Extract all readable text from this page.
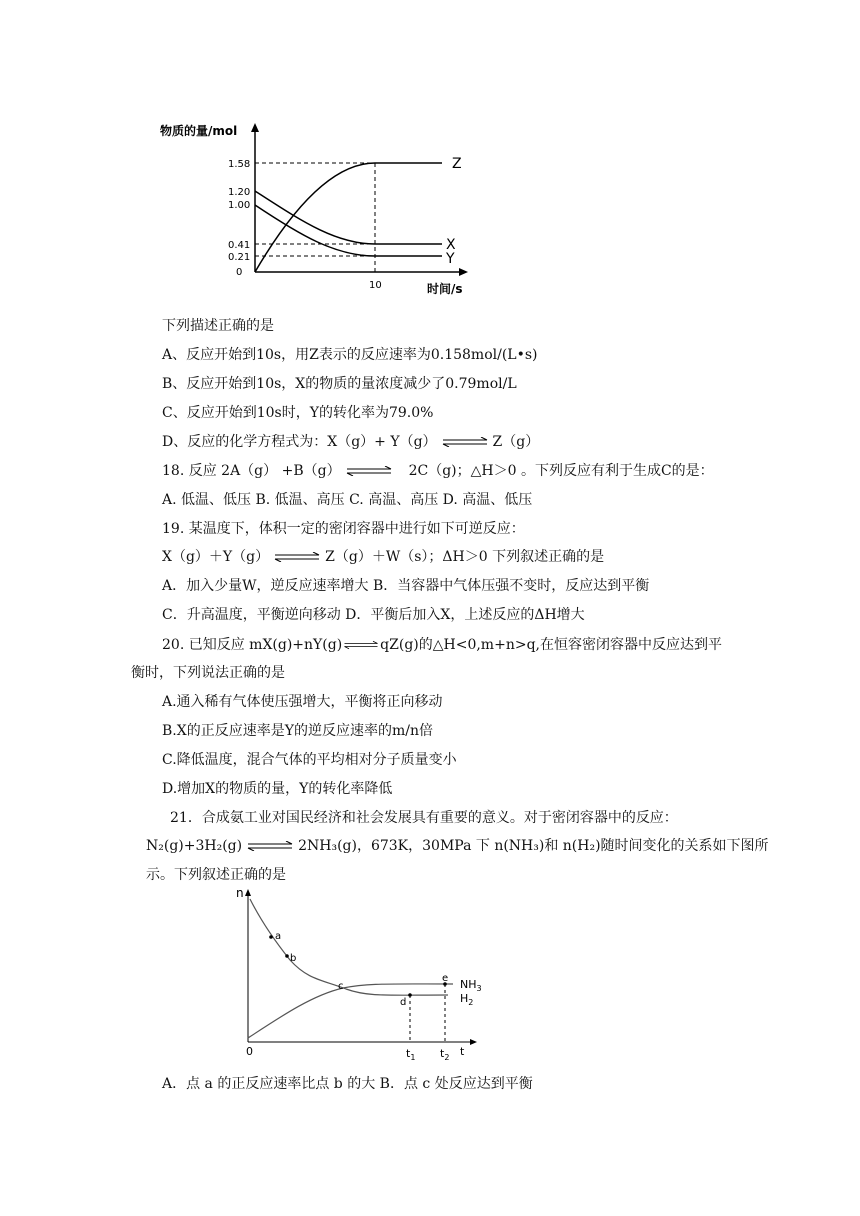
物质的量/mol
1.58
1.20
1.00
0.41
0.21
0
Z
X
Y
10	时间/s
下列描述正确的是
A、反应开始到10s，用Z表示的反应速率为0.158mol/(L•s)
B、反应开始到10s，X的物质的量浓度减少了0.79mol/L
C、反应开始到10s时，Y的转化率为79.0%
D、反应的化学方程式为：X（g）+ Y（g） ⇌ Z（g）
18. 反应 2A（g） +B（g） ⇌ 2C（g)；△H＞0 。下列反应有利于生成C的是：
A. 低温、低压 B. 低温、高压 C. 高温、高压 D. 高温、低压
19. 某温度下，体积一定的密闭容器中进行如下可逆反应：
X（g）＋Y（g） ⇌ Z（g）＋W（s）；ΔH＞0 下列叙述正确的是
A．加入少量W，逆反应速率增大 B．当容器中气体压强不变时，反应达到平衡
C．升高温度，平衡逆向移动 D．平衡后加入X，上述反应的ΔH增大
20. 已知反应 mX(g)+nY(g)⇌qZ(g)的△H<0,m+n>q,在恒容密闭容器中反应达到平
衡时，下列说法正确的是
A.通入稀有气体使压强增大，平衡将正向移动
B.X的正反应速率是Y的逆反应速率的m/n倍
C.降低温度，混合气体的平均相对分子质量变小
D.增加X的物质的量，Y的转化率降低
21．合成氨工业对国民经济和社会发展具有重要的意义。对于密闭容器中的反应：
N₂(g)+3H₂(g) ⇌ 2NH₃(g)，673K，30MPa 下 n(NH₃)和 n(H₂)随时间变化的关系如下图所
示。下列叙述正确的是
n
a
b
c
d
e $NH_3$
$H_2$
0	$t_1$ $t_2$ t
A．点 a 的正反应速率比点 b 的大 B．点 c 处反应达到平衡
